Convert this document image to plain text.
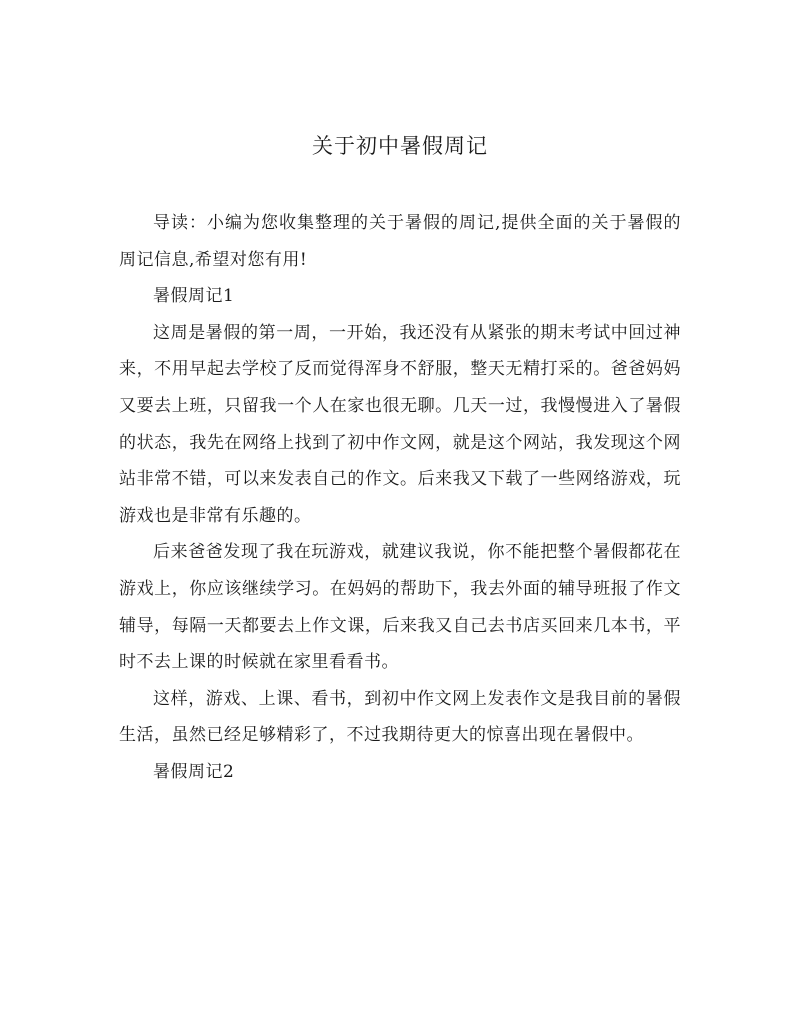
关于初中暑假周记

导读：小编为您收集整理的关于暑假的周记,提供全面的关于暑假的周记信息,希望对您有用!

暑假周记1

这周是暑假的第一周，一开始，我还没有从紧张的期末考试中回过神来，不用早起去学校了反而觉得浑身不舒服，整天无精打采的。爸爸妈妈又要去上班，只留我一个人在家也很无聊。几天一过，我慢慢进入了暑假的状态，我先在网络上找到了初中作文网，就是这个网站，我发现这个网站非常不错，可以来发表自己的作文。后来我又下载了一些网络游戏，玩游戏也是非常有乐趣的。

后来爸爸发现了我在玩游戏，就建议我说，你不能把整个暑假都花在游戏上，你应该继续学习。在妈妈的帮助下，我去外面的辅导班报了作文辅导，每隔一天都要去上作文课，后来我又自己去书店买回来几本书，平时不去上课的时候就在家里看看书。

这样，游戏、上课、看书，到初中作文网上发表作文是我目前的暑假生活，虽然已经足够精彩了，不过我期待更大的惊喜出现在暑假中。

暑假周记2
